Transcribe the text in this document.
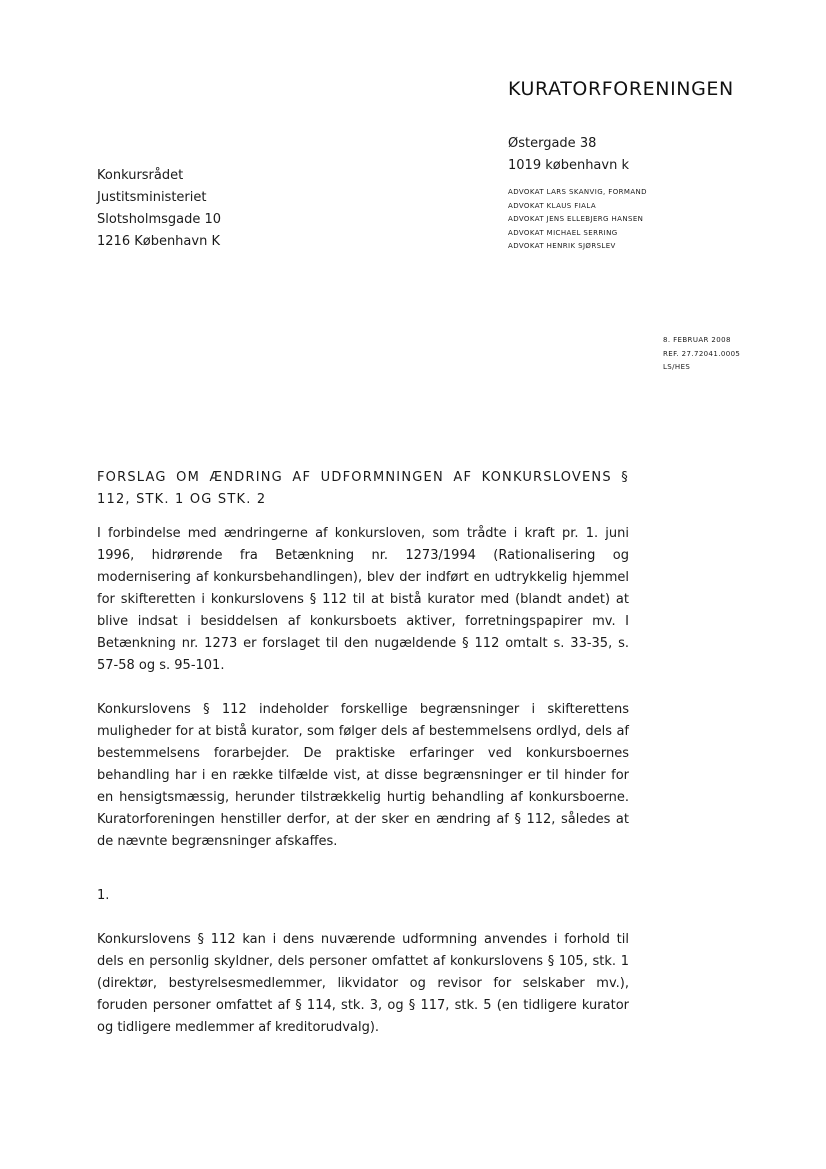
KURATORFORENINGEN
Østergade 38
1019 københavn k
ADVOKAT LARS SKANVIG, FORMAND
ADVOKAT KLAUS FIALA
ADVOKAT JENS ELLEBJERG HANSEN
ADVOKAT MICHAEL SERRING
ADVOKAT HENRIK SJØRSLEV
Konkursrådet
Justitsministeriet
Slotsholmsgade 10
1216 København K
8. FEBRUAR 2008
REF. 27.72041.0005
LS/HES

FORSLAG OM ÆNDRING AF UDFORMNINGEN AF KONKURSLOVENS § 112, STK. 1 OG STK. 2

I forbindelse med ændringerne af konkursloven, som trådte i kraft pr. 1. juni 1996, hidrørende fra Betænkning nr. 1273/1994 (Rationalisering og modernisering af konkursbehandlingen), blev der indført en udtrykkelig hjemmel for skifteretten i konkurslovens § 112 til at bistå kurator med (blandt andet) at blive indsat i besiddelsen af konkursboets aktiver, forretningspapirer mv. I Betænkning nr. 1273 er forslaget til den nugældende § 112 omtalt s. 33-35, s. 57-58 og s. 95-101.

Konkurslovens § 112 indeholder forskellige begrænsninger i skifterettens muligheder for at bistå kurator, som følger dels af bestemmelsens ordlyd, dels af bestemmelsens forarbejder. De praktiske erfaringer ved konkursboernes behandling har i en række tilfælde vist, at disse begrænsninger er til hinder for en hensigtsmæssig, herunder tilstrækkelig hurtig behandling af konkursboerne. Kuratorforeningen henstiller derfor, at der sker en ændring af § 112, således at de nævnte begrænsninger afskaffes.

1.

Konkurslovens § 112 kan i dens nuværende udformning anvendes i forhold til dels en personlig skyldner, dels personer omfattet af konkurslovens § 105, stk. 1 (direktør, bestyrelsesmedlemmer, likvidator og revisor for selskaber mv.), foruden personer omfattet af § 114, stk. 3, og § 117, stk. 5 (en tidligere kurator og tidligere medlemmer af kreditorudvalg).
